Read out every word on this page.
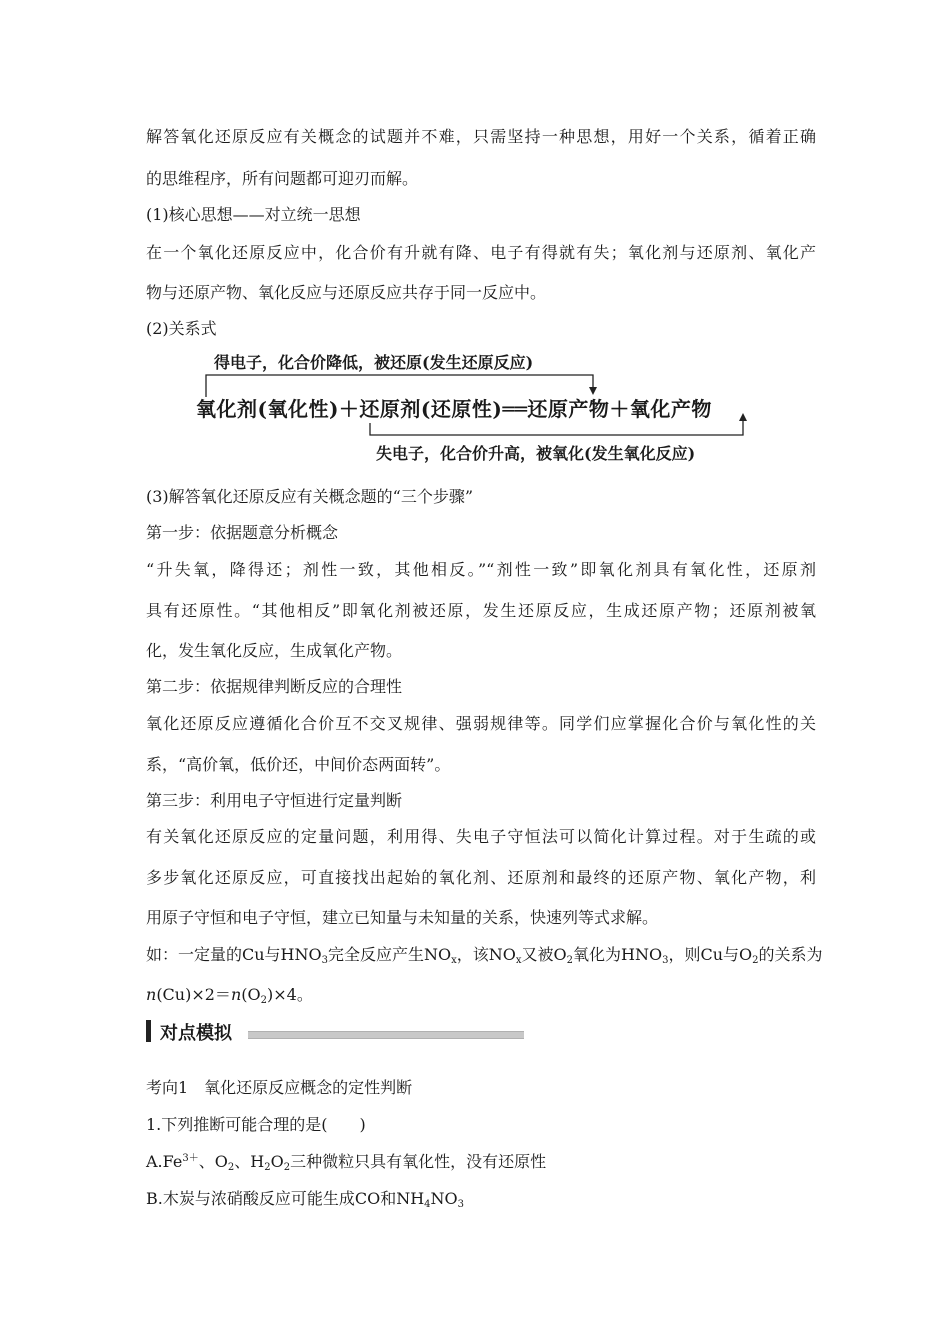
解答氧化还原反应有关概念的试题并不难，只需坚持一种思想，用好一个关系，循着正确
的思维程序，所有问题都可迎刃而解。
(1)核心思想——对立统一思想
在一个氧化还原反应中，化合价有升就有降、电子有得就有失；氧化剂与还原剂、氧化产
物与还原产物、氧化反应与还原反应共存于同一反应中。
(2)关系式
得电子，化合价降低，被还原(发生还原反应)
氧化剂(氧化性)＋还原剂(还原性)══还原产物＋氧化产物
失电子，化合价升高，被氧化(发生氧化反应)
(3)解答氧化还原反应有关概念题的“三个步骤”
第一步：依据题意分析概念
“升失氧，降得还；剂性一致，其他相反。”“剂性一致”即氧化剂具有氧化性，还原剂
具有还原性。“其他相反”即氧化剂被还原，发生还原反应，生成还原产物；还原剂被氧
化，发生氧化反应，生成氧化产物。
第二步：依据规律判断反应的合理性
氧化还原反应遵循化合价互不交叉规律、强弱规律等。同学们应掌握化合价与氧化性的关
系，“高价氧，低价还，中间价态两面转”。
第三步：利用电子守恒进行定量判断
有关氧化还原反应的定量问题，利用得、失电子守恒法可以简化计算过程。对于生疏的或
多步氧化还原反应，可直接找出起始的氧化剂、还原剂和最终的还原产物、氧化产物，利
用原子守恒和电子守恒，建立已知量与未知量的关系，快速列等式求解。
如：一定量的Cu与$HNO_3$完全反应产生$NO_x$，该$NO_x$又被$O_2$氧化为$HNO_3$，则Cu与$O_2$的关系为
$n(Cu)\times 2=n(O_2)\times 4$。
对点模拟
考向1　氧化还原反应概念的定性判断
1.下列推断可能合理的是(　　)
$A.Fe^{3+}$、$O_2$、$H_2O_2$三种微粒只具有氧化性，没有还原性
B.木炭与浓硝酸反应可能生成CO和$NH_4NO_3$
